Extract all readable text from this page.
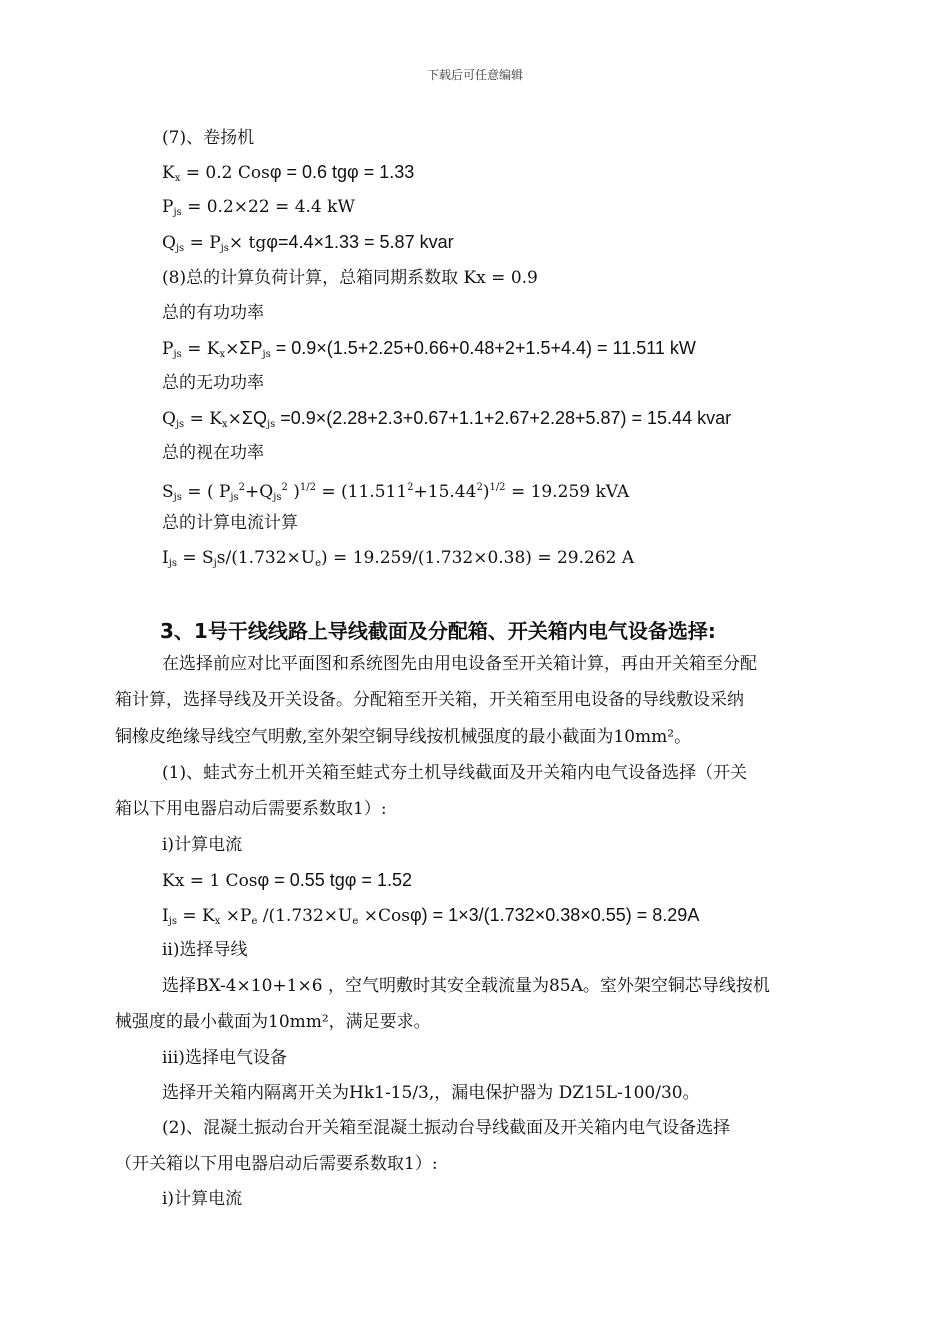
下载后可任意编辑
(7)、卷扬机
$K_x = 0.2$ Cosφ = 0.6 tgφ = 1.33
$P_{js} = 0.2\times 22 = 4.4$ kW
$Q_{js} = P_{js}\times tg\varphi=4.4\times 1.33 = 5.87$ kvar
(8)总的计算负荷计算，总箱同期系数取 Kx = 0.9
总的有功功率
$P_{js} = K_x\times\Sigma P_{js} = 0.9\times(1.5+2.25+0.66+0.48+2+1.5+4.4) = 11.511$ kW
总的无功功率
$Q_{js} = K_x\times\Sigma Q_{js} =0.9\times(2.28+2.3+0.67+1.1+2.67+2.28+5.87) = 15.44$ kvar
总的视在功率
$S_{js}$ = ( $P_{js}^2+Q_{js}^2$ )$^{1/2} = (11.511^2+15.44^2)^{1/2} = 19.259$ kVA
总的计算电流计算
$I_{js} = S_js/(1.732\times U_e) = 19.259/(1.732\times 0.38) = 29.262$ A
3、1号干线线路上导线截面及分配箱、开关箱内电气设备选择:
在选择前应对比平面图和系统图先由用电设备至开关箱计算，再由开关箱至分配
箱计算，选择导线及开关设备。分配箱至开关箱，开关箱至用电设备的导线敷设采纳
铜橡皮绝缘导线空气明敷,室外架空铜导线按机械强度的最小截面为10mm²。
(1)、蛙式夯土机开关箱至蛙式夯土机导线截面及开关箱内电气设备选择（开关
箱以下用电器启动后需要系数取1）:
i)计算电流
Kx = 1 Cosφ = 0.55 tgφ = 1.52
$I_{js} = K_x \times P_e$ $/(1.732\times U_e \times Cos\varphi) = 1\times 3/(1.732\times 0.38\times 0.55) = 8.29A$
ii)选择导线
选择BX-4×10+1×6 ，空气明敷时其安全载流量为85A。室外架空铜芯导线按机
械强度的最小截面为10mm²，满足要求。
iii)选择电气设备
选择开关箱内隔离开关为Hk1-15/3,，漏电保护器为 DZ15L-100/30。
(2)、混凝土振动台开关箱至混凝土振动台导线截面及开关箱内电气设备选择
（开关箱以下用电器启动后需要系数取1）:
i)计算电流
